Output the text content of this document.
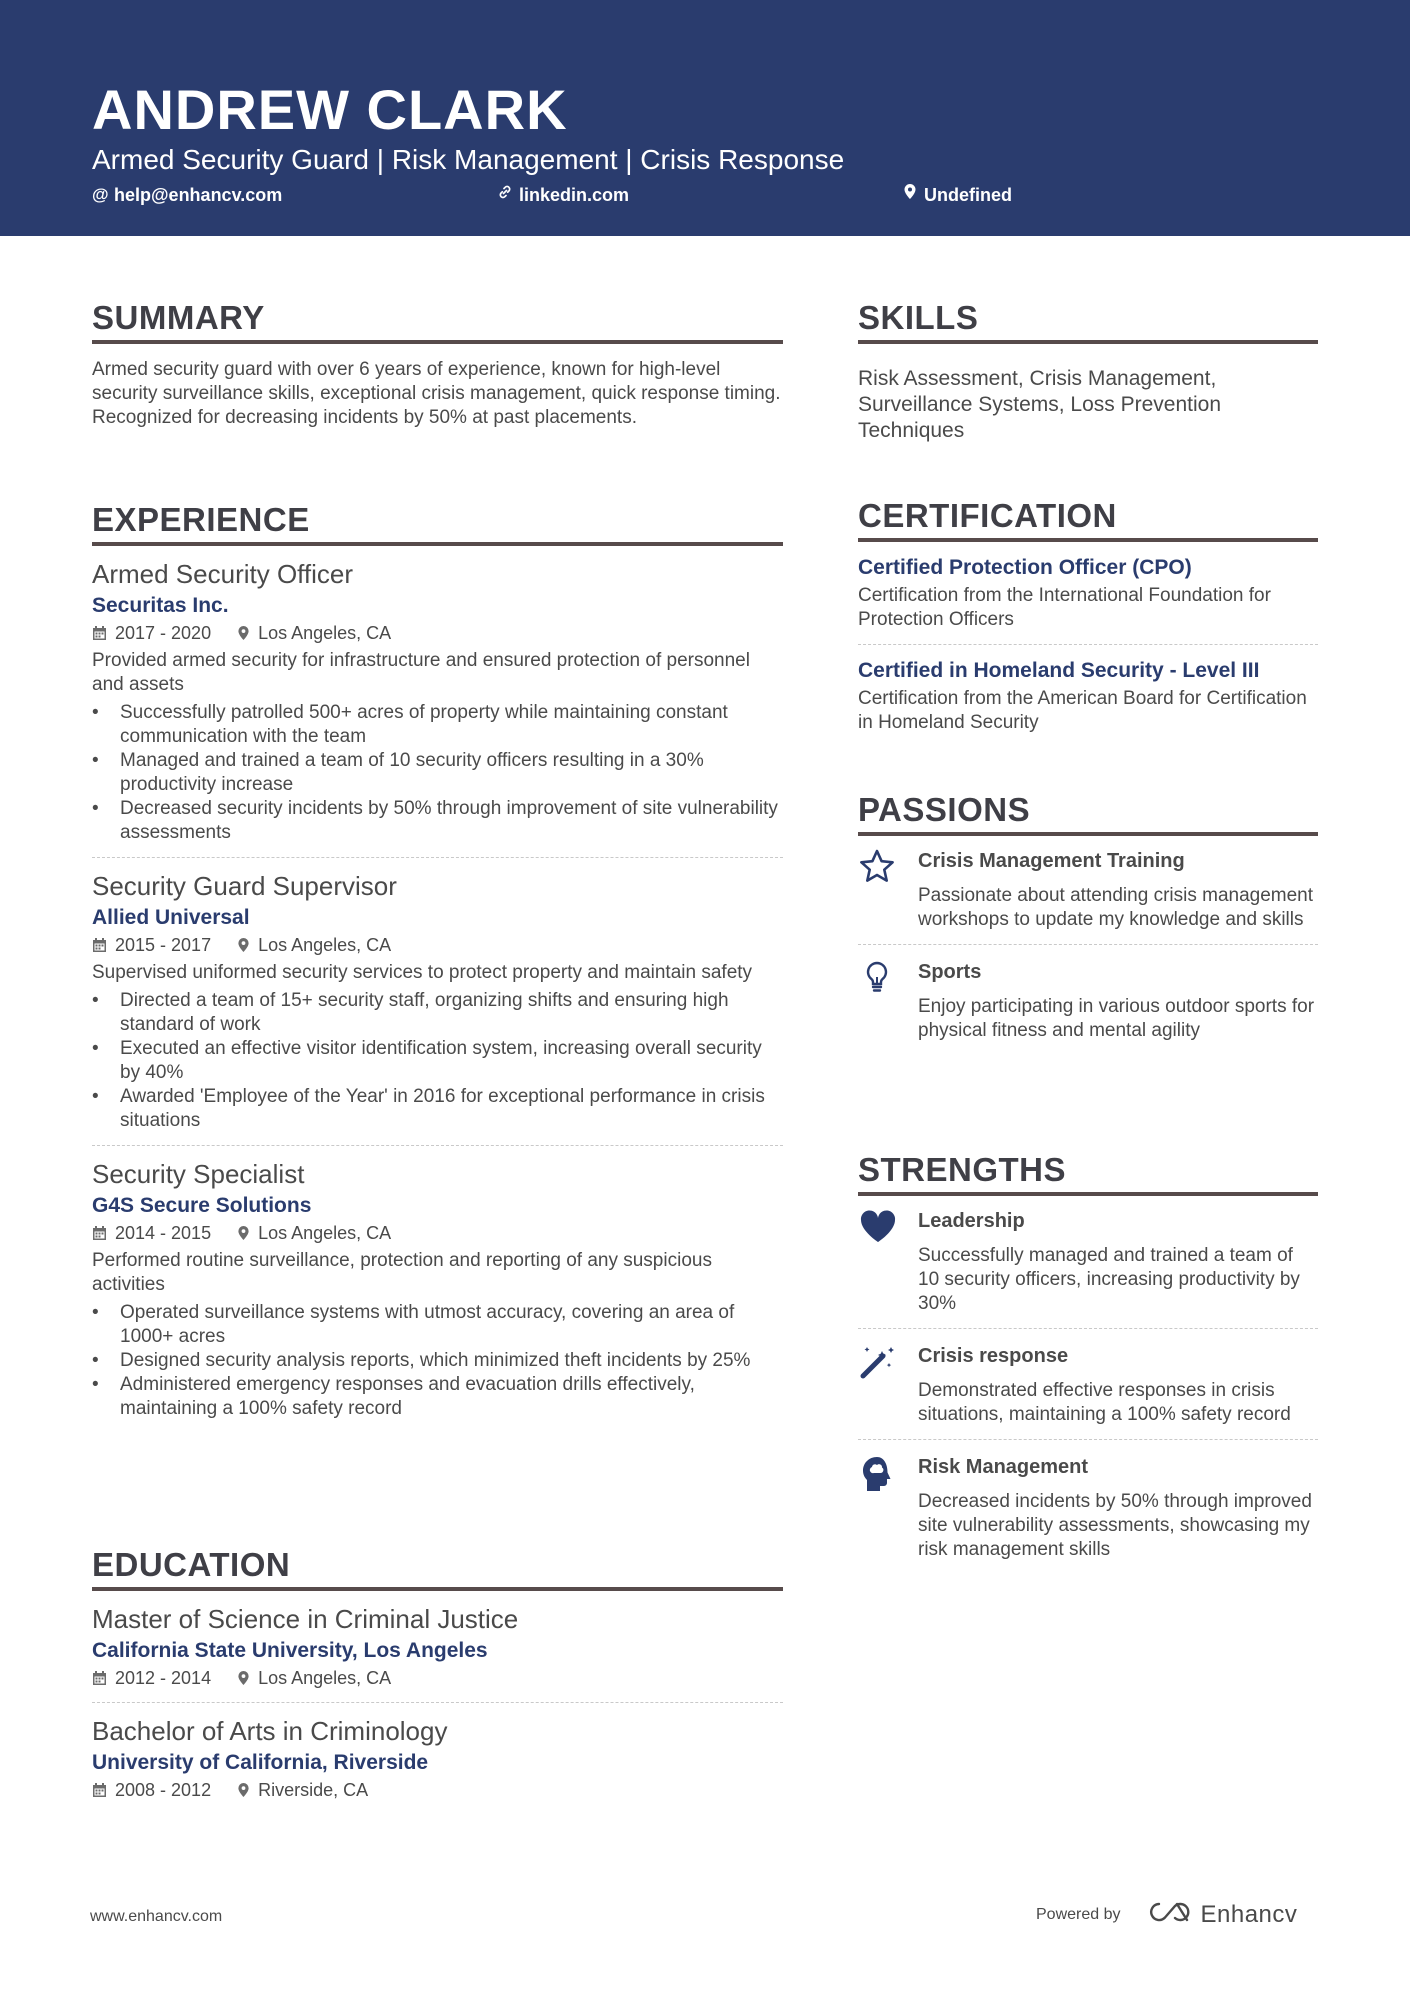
ANDREW CLARK
Armed Security Guard | Risk Management | Crisis Response
@ help@enhancv.com	linkedin.com	Undefined
SUMMARY
Armed security guard with over 6 years of experience, known for high-level security surveillance skills, exceptional crisis management, quick response timing. Recognized for decreasing incidents by 50% at past placements.
EXPERIENCE
Armed Security Officer
Securitas Inc.
2017 - 2020	Los Angeles, CA
Provided armed security for infrastructure and ensured protection of personnel and assets
• Successfully patrolled 500+ acres of property while maintaining constant communication with the team
• Managed and trained a team of 10 security officers resulting in a 30% productivity increase
• Decreased security incidents by 50% through improvement of site vulnerability assessments
Security Guard Supervisor
Allied Universal
2015 - 2017	Los Angeles, CA
Supervised uniformed security services to protect property and maintain safety
• Directed a team of 15+ security staff, organizing shifts and ensuring high standard of work
• Executed an effective visitor identification system, increasing overall security by 40%
• Awarded 'Employee of the Year' in 2016 for exceptional performance in crisis situations
Security Specialist
G4S Secure Solutions
2014 - 2015	Los Angeles, CA
Performed routine surveillance, protection and reporting of any suspicious activities
• Operated surveillance systems with utmost accuracy, covering an area of 1000+ acres
• Designed security analysis reports, which minimized theft incidents by 25%
• Administered emergency responses and evacuation drills effectively, maintaining a 100% safety record
EDUCATION
Master of Science in Criminal Justice
California State University, Los Angeles
2012 - 2014	Los Angeles, CA
Bachelor of Arts in Criminology
University of California, Riverside
2008 - 2012	Riverside, CA
SKILLS
Risk Assessment, Crisis Management, Surveillance Systems, Loss Prevention Techniques
CERTIFICATION
Certified Protection Officer (CPO)
Certification from the International Foundation for Protection Officers
Certified in Homeland Security - Level III
Certification from the American Board for Certification in Homeland Security
PASSIONS
Crisis Management Training
Passionate about attending crisis management workshops to update my knowledge and skills
Sports
Enjoy participating in various outdoor sports for physical fitness and mental agility
STRENGTHS
Leadership
Successfully managed and trained a team of 10 security officers, increasing productivity by 30%
Crisis response
Demonstrated effective responses in crisis situations, maintaining a 100% safety record
Risk Management
Decreased incidents by 50% through improved site vulnerability assessments, showcasing my risk management skills
www.enhancv.com	Powered by	Enhancv
